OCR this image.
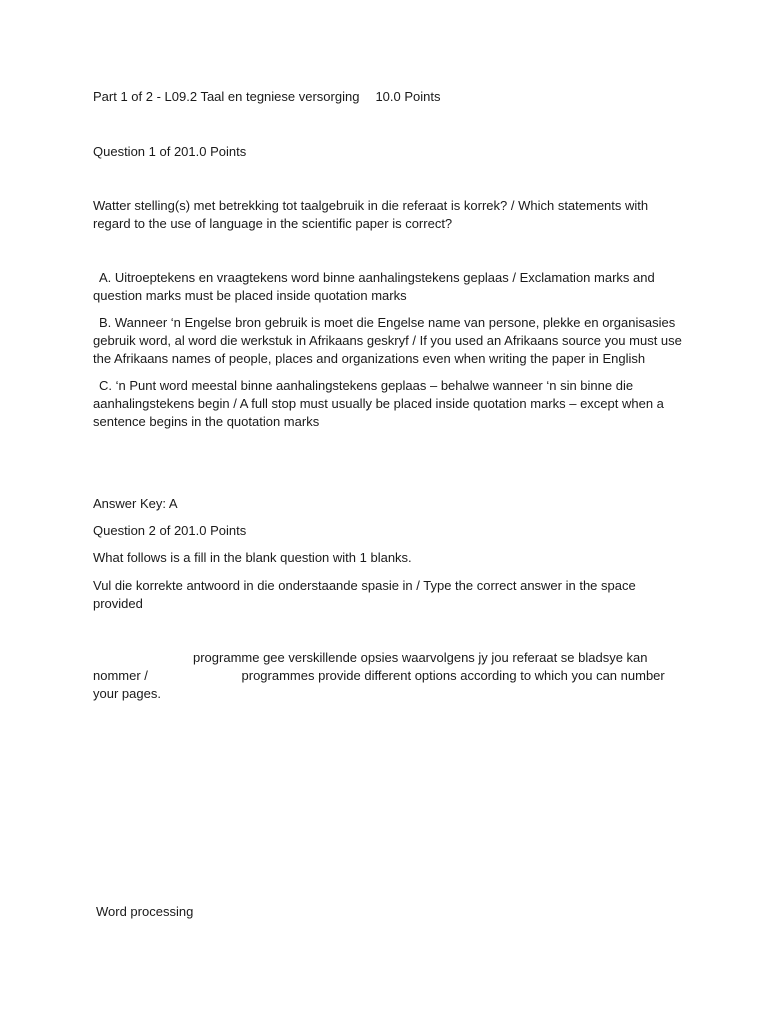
Part 1 of 2 - L09.2 Taal en tegniese versorging 10.0 Points
Question 1 of 201.0 Points
Watter stelling(s) met betrekking tot taalgebruik in die referaat is korrek? / Which statements with regard to the use of language in the scientific paper is correct?
A. Uitroeptekens en vraagtekens word binne aanhalingstekens geplaas / Exclamation marks and question marks must be placed inside quotation marks
B. Wanneer ‘n Engelse bron gebruik is moet die Engelse name van persone, plekke en organisasies gebruik word, al word die werkstuk in Afrikaans geskryf / If you used an Afrikaans source you must use the Afrikaans names of people, places and organizations even when writing the paper in English
C. ‘n Punt word meestal binne aanhalingstekens geplaas – behalwe wanneer ‘n sin binne die aanhalingstekens begin / A full stop must usually be placed inside quotation marks – except when a sentence begins in the quotation marks
Answer Key: A
Question 2 of 201.0 Points
What follows is a fill in the blank question with 1 blanks.
Vul die korrekte antwoord in die onderstaande spasie in / Type the correct answer in the space provided
programme gee verskillende opsies waarvolgens jy jou referaat se bladsye kan nommer /	programmes provide different options according to which you can number your pages.
Word processing
